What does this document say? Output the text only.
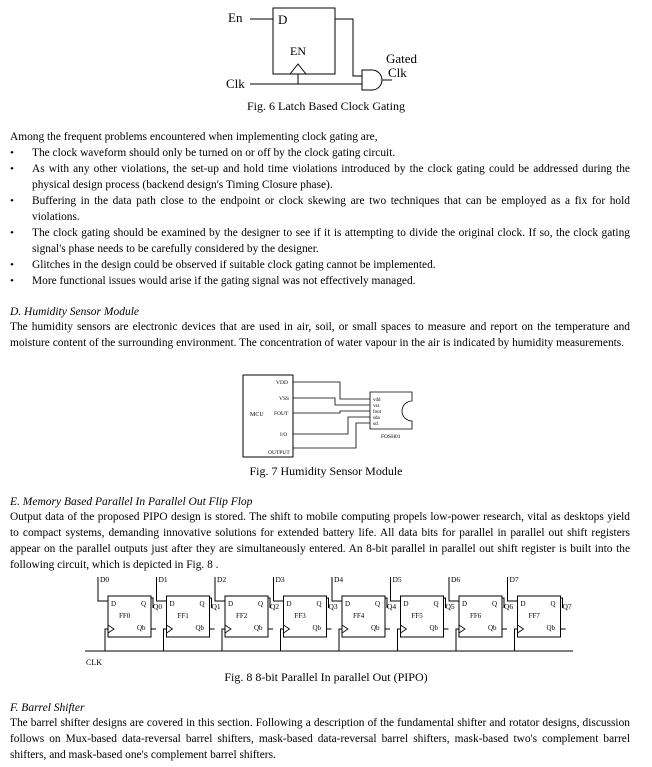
En	D
EN
Clk
Gated
Clk
Fig. 6 Latch Based Clock Gating
Among the frequent problems encountered when implementing clock gating are,
• The clock waveform should only be turned on or off by the clock gating circuit.
• As with any other violations, the set-up and hold time violations introduced by the clock gating could be addressed during the physical design process (backend design's Timing Closure phase).
• Buffering in the data path close to the endpoint or clock skewing are two techniques that can be employed as a fix for hold violations.
• The clock gating should be examined by the designer to see if it is attempting to divide the original clock. If so, the clock gating signal's phase needs to be carefully considered by the designer.
• Glitches in the design could be observed if suitable clock gating cannot be implemented.
• More functional issues would arise if the gating signal was not effectively managed.
D. Humidity Sensor Module
The humidity sensors are electronic devices that are used in air, soil, or small spaces to measure and report on the temperature and moisture content of the surrounding environment. The concentration of water vapour in the air is indicated by humidity measurements.
MCU
VDD
VSS
FOUT
I/O
OUTPUT
vdd
vss
fout
sda
scl
FOSH01
Fig. 7 Humidity Sensor Module
E. Memory Based Parallel In Parallel Out Flip Flop
Output data of the proposed PIPO design is stored. The shift to mobile computing propels low-power research, vital as desktops yield to compact systems, demanding innovative solutions for extended battery life. All data bits for parallel in parallel out shift registers appear on the parallel outputs just after they are simultaneously entered. An 8-bit parallel in parallel out shift register is built into the following circuit, which is depicted in Fig. 8 .
CLK
D0
D	Q
FF0
Qb
Q0
D1
D	Q
FF1
Qb
Q1
D2
D	Q
FF2
Qb
Q2
D3
D	Q
FF3
Qb
Q3
D4
D	Q
FF4
Qb
Q4
D5
D	Q
FF5
Qb
Q5
D6
D	Q
FF6
Qb
Q6
D7
D	Q
FF7
Qb
Q7
Fig. 8 8-bit Parallel In parallel Out (PIPO)
F. Barrel Shifter
The barrel shifter designs are covered in this section. Following a description of the fundamental shifter and rotator designs, discussion follows on Mux-based data-reversal barrel shifters, mask-based data-reversal barrel shifters, mask-based two's complement barrel shifters, and mask-based one's complement barrel shifters.
